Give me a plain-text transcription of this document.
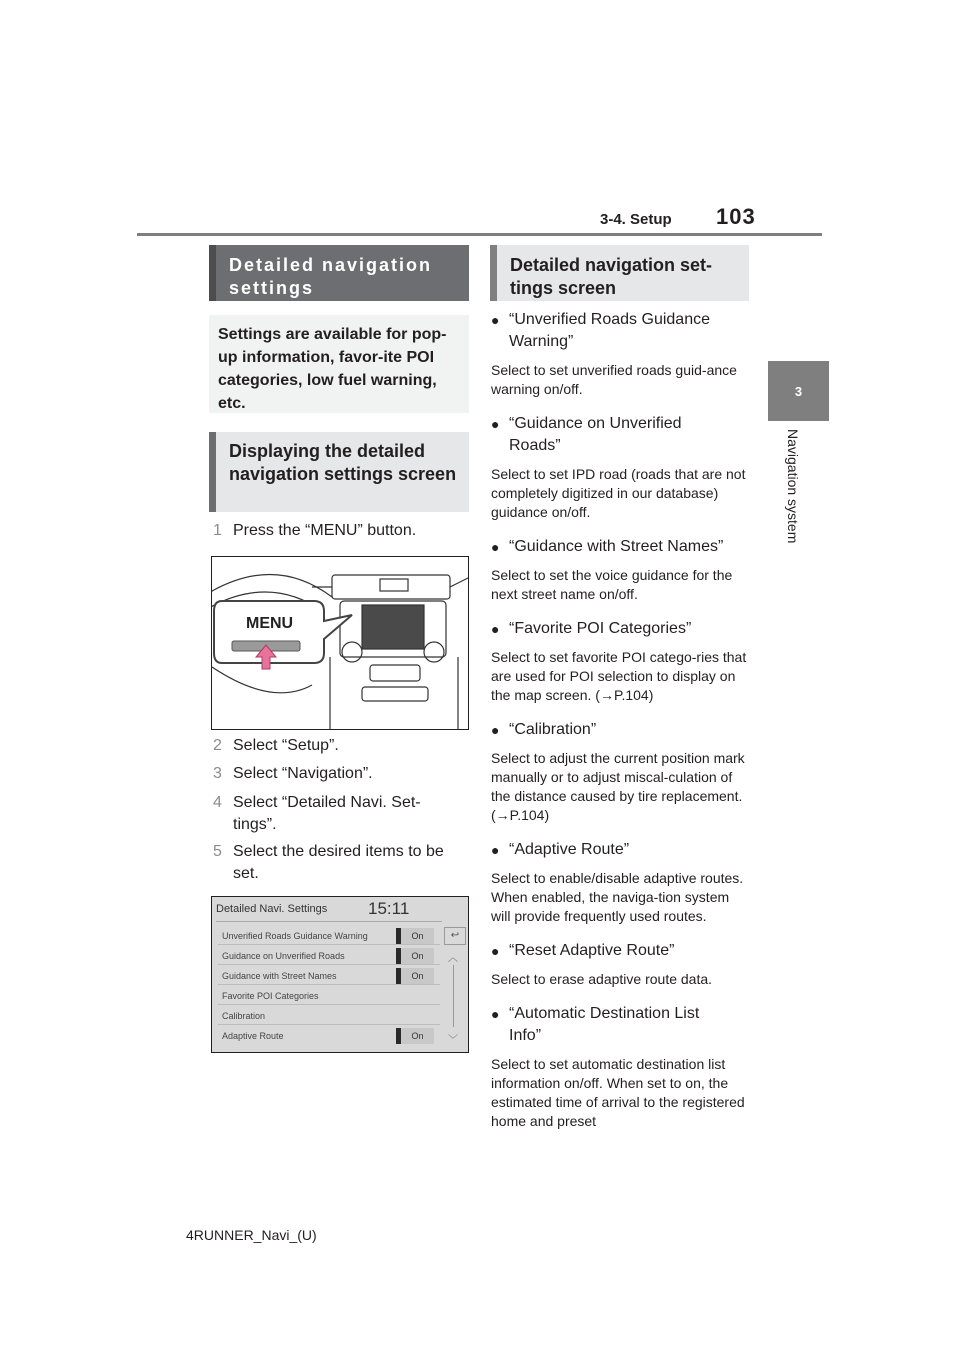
3-4. Setup 103
3
Navigation system
Detailed navigation settings
Settings are available for pop-up information, favor-ite POI categories, low fuel warning, etc.
Displaying the detailed navigation settings screen
1 Press the “MENU” button.
MENU
2 Select “Setup”.
3 Select “Navigation”.
4 Select “Detailed Navi. Set-tings”.
5 Select the desired items to be set.
Detailed Navi. Settings 15:11
↩
︿
﹀
Unverified Roads Guidance Warning	On
Guidance on Unverified Roads	On
Guidance with Street Names	On
Favorite POI Categories
Calibration
Adaptive Route	On
Detailed navigation set-tings screen
● “Unverified Roads Guidance Warning”
Select to set unverified roads guid-ance warning on/off.
● “Guidance on Unverified Roads”
Select to set IPD road (roads that are not completely digitized in our database) guidance on/off.
● “Guidance with Street Names”
Select to set the voice guidance for the next street name on/off.
● “Favorite POI Categories”
Select to set favorite POI catego-ries that are used for POI selection to display on the map screen. (→P.104)
● “Calibration”
Select to adjust the current position mark manually or to adjust miscal-culation of the distance caused by tire replacement. (→P.104)
● “Adaptive Route”
Select to enable/disable adaptive routes. When enabled, the naviga-tion system will provide frequently used routes.
● “Reset Adaptive Route”
Select to erase adaptive route data.
● “Automatic Destination List Info”
Select to set automatic destination list information on/off. When set to on, the estimated time of arrival to the registered home and preset
4RUNNER_Navi_(U)
